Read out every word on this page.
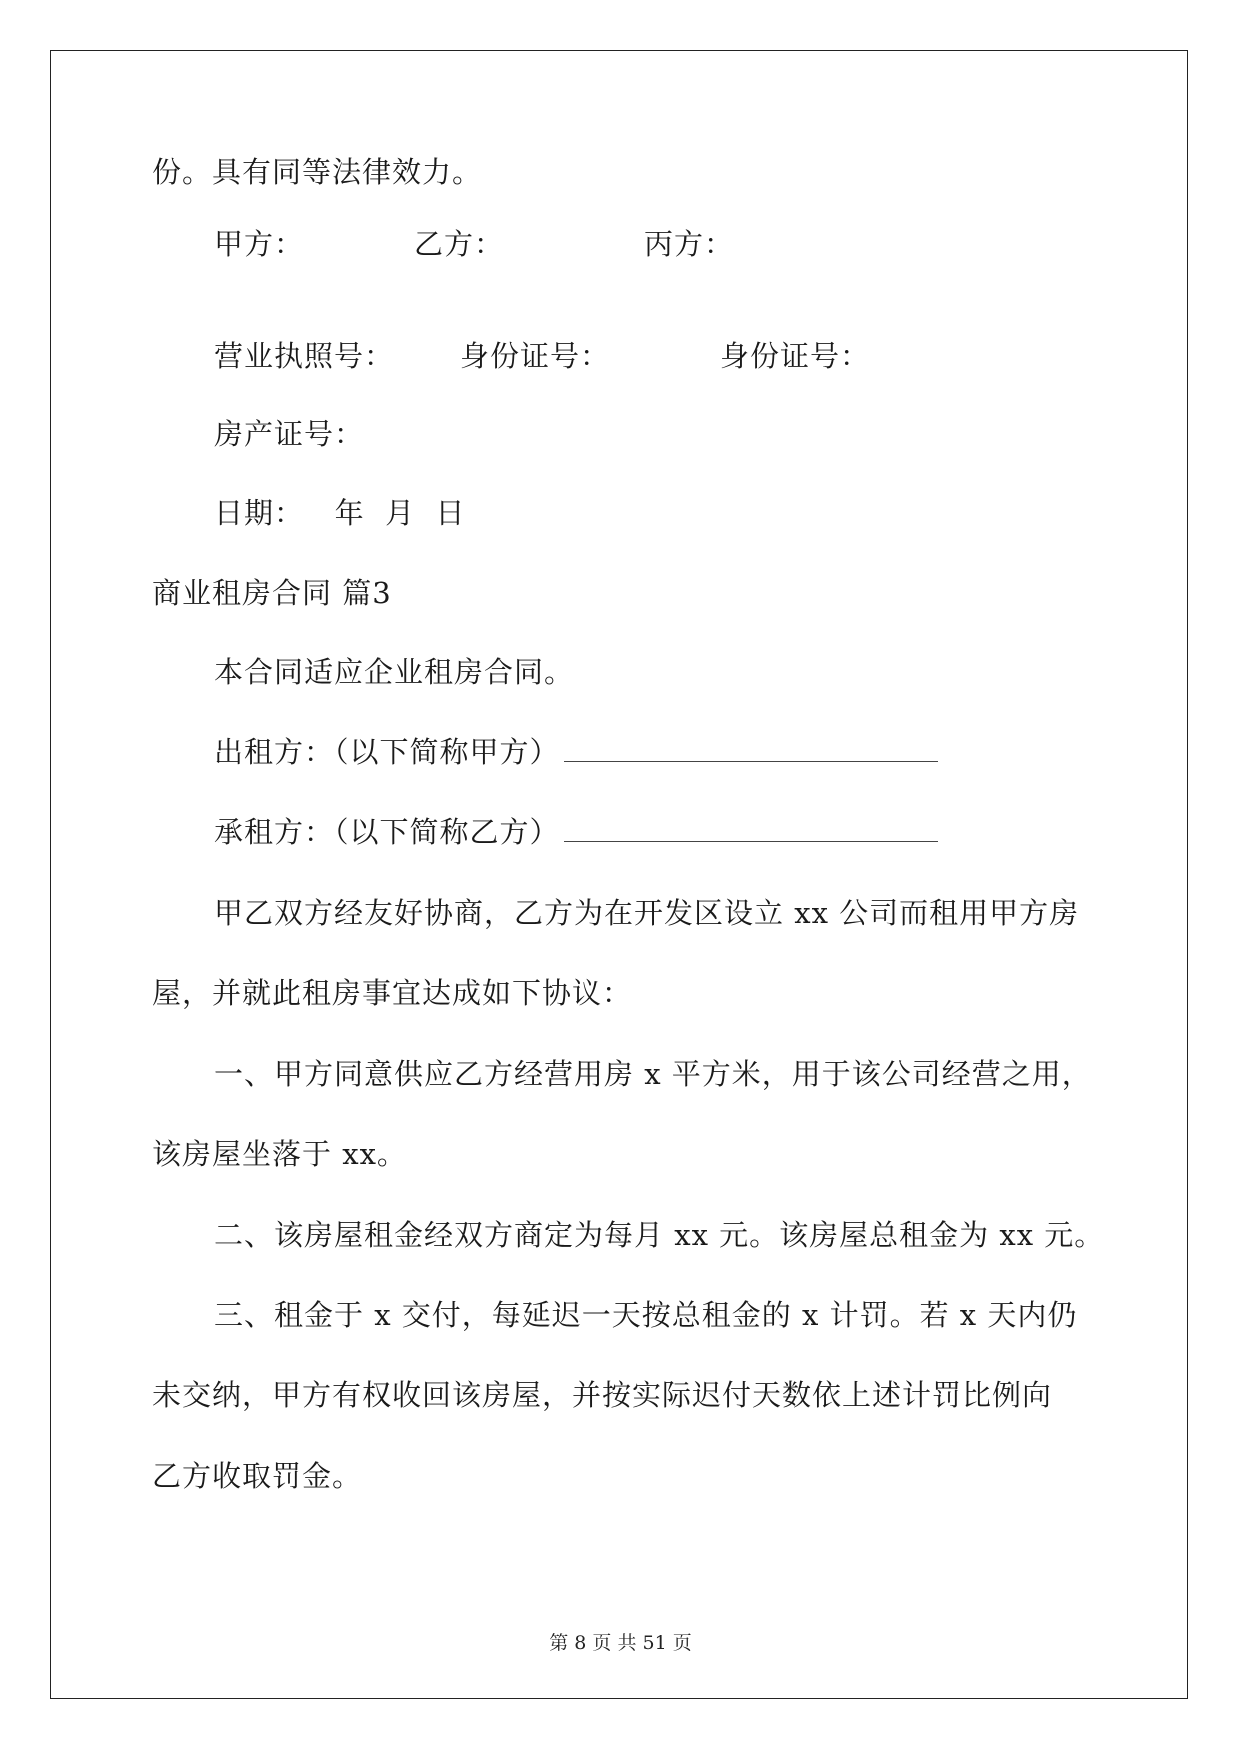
份。具有同等法律效力。
甲方：	乙方：	丙方：
营业执照号： 身份证号：	身份证号：
房产证号：
日期：   年  月  日
商业租房合同 篇3
本合同适应企业租房合同。
出租方：（以下简称甲方）
承租方：（以下简称乙方）
甲乙双方经友好协商，乙方为在开发区设立 xx 公司而租用甲方房
屋，并就此租房事宜达成如下协议：
一、甲方同意供应乙方经营用房 x 平方米，用于该公司经营之用，
该房屋坐落于 xx。
二、该房屋租金经双方商定为每月 xx 元。该房屋总租金为 xx 元。
三、租金于 x 交付，每延迟一天按总租金的 x 计罚。若 x 天内仍
未交纳，甲方有权收回该房屋，并按实际迟付天数依上述计罚比例向
乙方收取罚金。
第 8 页 共 51 页
